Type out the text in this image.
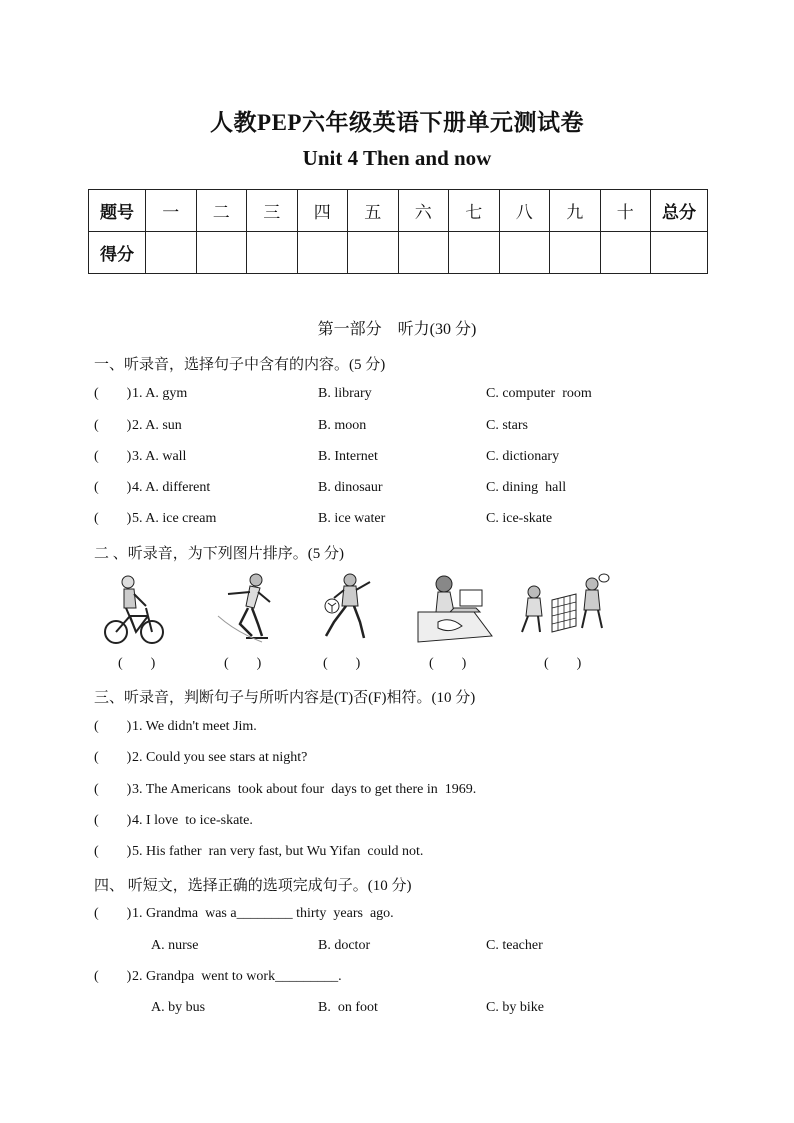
人教PEP六年级英语下册单元测试卷
Unit 4 Then and now
题号	一	二	三	四	五	六	七	八	九	十	总分
得分											
第一部分　听力(30 分)
一、听录音，选择句子中含有的内容。(5 分)
(        ) 1. A. gym	B. library	C. computer  room
(        ) 2. A. sun	B. moon	C. stars
(        ) 3. A. wall	B. Internet	C. dictionary
(        ) 4. A. different	B. dinosaur	C. dining  hall
(        ) 5. A. ice cream	B. ice water	C. ice-skate
二 、听录音，为下列图片排序。(5 分)
(        )	(        )	(        )	(        )	(        )
三、听录音，判断句子与所听内容是(T)否(F)相符。(10 分)
(        ) 1. We didn't meet Jim.
(        ) 2. Could you see stars at night?
(        ) 3. The Americans  took about four  days to get there in  1969.
(        ) 4. I love  to ice-skate.
(        ) 5. His father  ran very fast, but Wu Yifan  could not.
四、 听短文，选择正确的选项完成句子。(10 分)
(        ) 1. Grandma  was a________ thirty  years  ago.
A. nurse	B. doctor	C. teacher
(        ) 2. Grandpa  went to work_________.
A. by bus	B.  on foot	C. by bike
